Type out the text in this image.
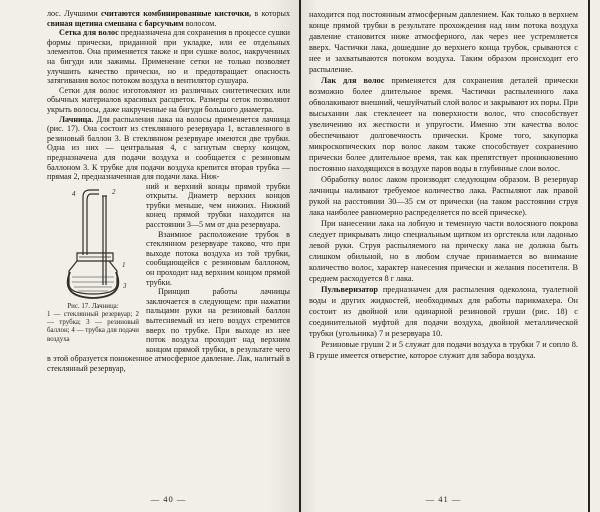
лос. Лучшими считаются комбинированные кисточки, в которых свиная щетина смешана с барсучьим волосом.

Сетка для волос предназначена для сохранения в процессе сушки формы прически, приданной при укладке, или ее отдельных элементов. Она применяется также и при сушке волос, накрученных на бигуди или зажимы. Применение сетки не только позволяет улучшить качество прически, но и предотвращает опасность затягивания волос потоком воздуха в вентилятор сушуара.

Сетки для волос изготовляют из различных синтетических или обычных материалов красивых расцветок. Размеры сеток позволяют укрыть волосы, даже накрученные на бигуди большого диаметра.

Лачница. Для распыления лака на волосы применяется лачница (рис. 17). Она состоит из стеклянного резервуара 1, вставленного в резиновый баллон 3. В стеклянном резервуаре имеются две трубки. Одна из них — центральная 4, с загнутым сверху концом, предназначена для подачи воздуха и сообщается с резиновым баллоном 3. К трубке для подачи воздуха крепится вторая трубка — прямая 2, предназначенная для подачи лака. Ниж-

4	2
1
3
Рис. 17. Лачница:
1 — стеклянный резервуар; 2 — трубка; 3 — резиновый баллон; 4 — трубка для подачи воздуха

ний и верхний концы прямой трубки открыты. Диаметр верхних концов трубки меньше, чем нижних. Нижний конец прямой трубки находится на расстоянии 3—5 мм от дна резервуара.

Взаимное расположение трубок в стеклянном резервуаре таково, что при выходе потока воздуха из той трубки, сообщающейся с резиновым баллоном, он проходит над верхним концом прямой трубки.

Принцип работы лачницы заключается в следующем: при нажатии пальцами руки на резиновый баллон вытесняемый из него воздух стремится вверх по трубке. При выходе из нее поток воздуха проходит над верхним концом прямой трубки, в результате чего в этой образуется пониженное атмосферное давление. Лак, налитый в стеклянный резервуар,

— 40 —

находится под постоянным атмосферным давлением. Как только в верхнем конце прямой трубки в результате прохождения над ним потока воздуха давление становится ниже атмосферного, лак через нее устремляется вверх. Частички лака, дошедшие до верхнего конца трубок, срываются с нее и захватываются потоком воздуха. Таким образом происходит его распыление.

Лак для волос применяется для сохранения деталей прически возможно более длительное время. Частички распыленного лака обволакивают внешний, чешуйчатый слой волос и закрывают их поры. При высыхании лак стекленеет на поверхности волос, что способствует увеличению их жесткости и упругости. Именно эти качества волос обеспечивают долговечность прически. Кроме того, закупорка микроскопических пор волос лаком также способствует сохранению прически более длительное время, так как препятствует проникновению постоянно находящихся в воздухе паров воды в глубинные слои волос.

Обработку волос лаком производят следующим образом. В резервуар лачницы наливают требуемое количество лака. Распыляют лак правой рукой на расстоянии 30—35 см от прически (на таком расстоянии струя лака наиболее равномерно распределяется по всей прическе).

При нанесении лака на лобную и теменную части волосяного покрова следует прикрывать лицо специальным щитком из оргстекла или ладонью левой руки. Струя распыляемого на прическу лака не должна быть слишком обильной, но в любом случае принимается во внимание количество волос, характер нанесения прически и желания посетителя. В среднем расходуется 8 г лака.

Пульверизатор предназначен для распыления одеколона, туалетной воды и других жидкостей, необходимых для работы парикмахера. Он состоит из двойной или одинарной резиновой груши (рис. 18) с соединительной муфтой для подачи воздуха, двойной металлической трубки (угольника) 7 и резервуара 10.

Резиновые груши 2 и 5 служат для подачи воздуха в трубки 7 и сопло 8. В груше имеется отверстие, которое служит для забора воздуха.

— 41 —
